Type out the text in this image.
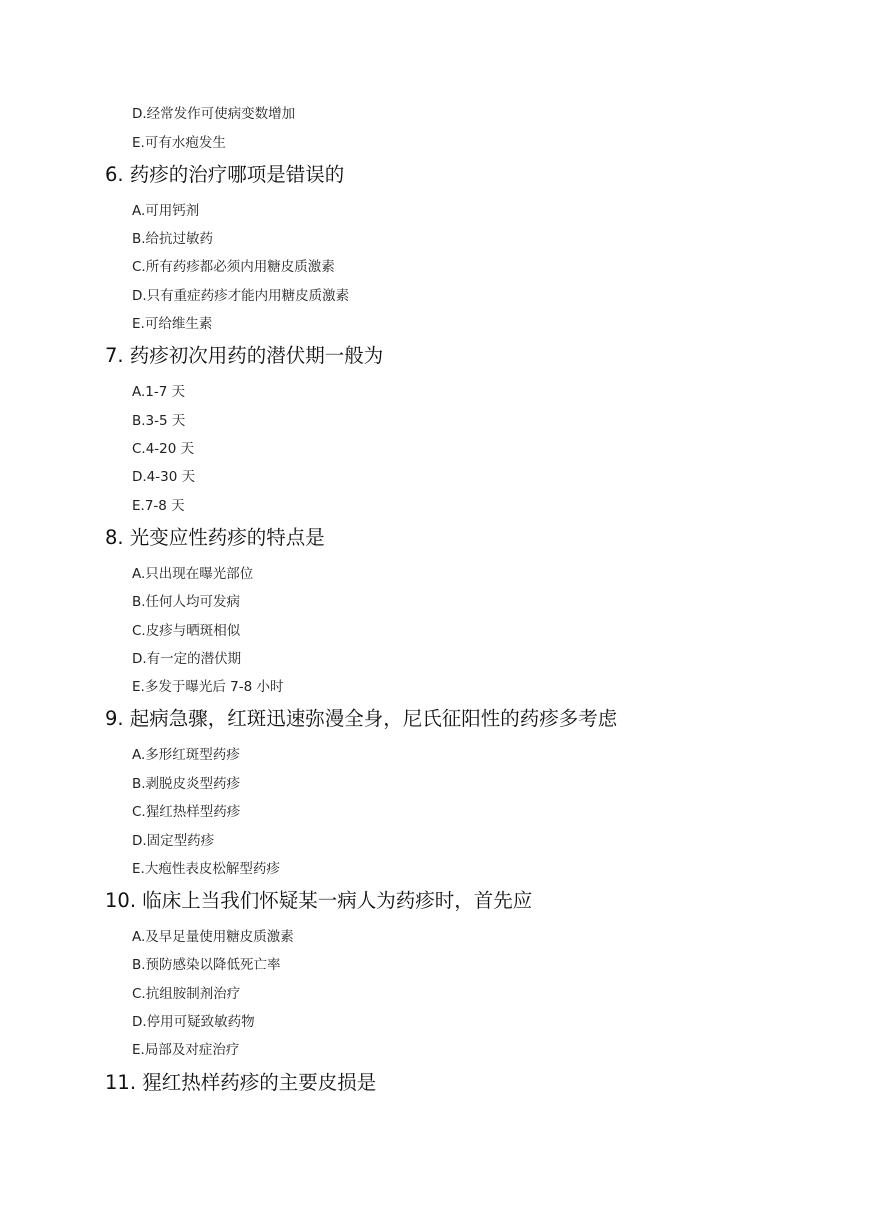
D.经常发作可使病变数增加
E.可有水疱发生
6. 药疹的治疗哪项是错误的
A.可用钙剂
B.给抗过敏药
C.所有药疹都必须内用糖皮质激素
D.只有重症药疹才能内用糖皮质激素
E.可给维生素
7. 药疹初次用药的潜伏期一般为
A.1-7 天
B.3-5 天
C.4-20 天
D.4-30 天
E.7-8 天
8. 光变应性药疹的特点是
A.只出现在曝光部位
B.任何人均可发病
C.皮疹与晒斑相似
D.有一定的潜伏期
E.多发于曝光后 7-8 小时
9. 起病急骤，红斑迅速弥漫全身，尼氏征阳性的药疹多考虑
A.多形红斑型药疹
B.剥脱皮炎型药疹
C.猩红热样型药疹
D.固定型药疹
E.大疱性表皮松解型药疹
10. 临床上当我们怀疑某一病人为药疹时，首先应
A.及早足量使用糖皮质激素
B.预防感染以降低死亡率
C.抗组胺制剂治疗
D.停用可疑致敏药物
E.局部及对症治疗
11. 猩红热样药疹的主要皮损是
